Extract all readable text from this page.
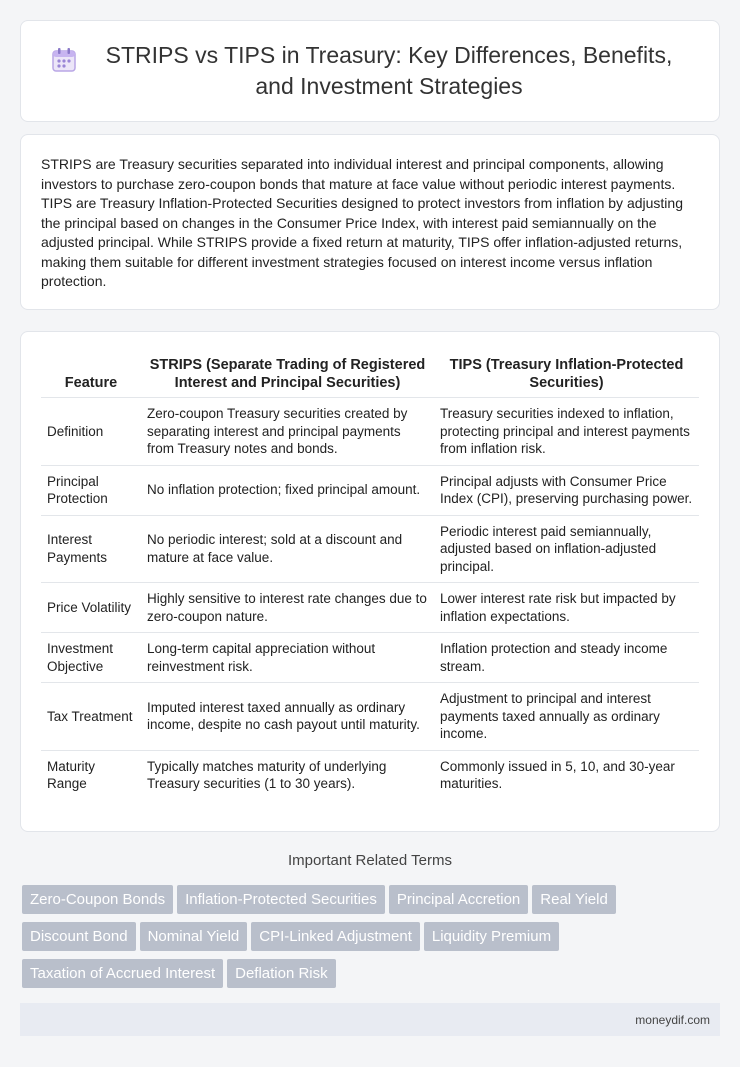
STRIPS vs TIPS in Treasury: Key Differences, Benefits, and Investment Strategies

STRIPS are Treasury securities separated into individual interest and principal components, allowing investors to purchase zero-coupon bonds that mature at face value without periodic interest payments. TIPS are Treasury Inflation-Protected Securities designed to protect investors from inflation by adjusting the principal based on changes in the Consumer Price Index, with interest paid semiannually on the adjusted principal. While STRIPS provide a fixed return at maturity, TIPS offer inflation-adjusted returns, making them suitable for different investment strategies focused on interest income versus inflation protection.

Feature	STRIPS (Separate Trading of Registered Interest and Principal Securities)	TIPS (Treasury Inflation-Protected Securities)
Definition	Zero-coupon Treasury securities created by separating interest and principal payments from Treasury notes and bonds.	Treasury securities indexed to inflation, protecting principal and interest payments from inflation risk.
Principal Protection	No inflation protection; fixed principal amount.	Principal adjusts with Consumer Price Index (CPI), preserving purchasing power.
Interest Payments	No periodic interest; sold at a discount and mature at face value.	Periodic interest paid semiannually, adjusted based on inflation-adjusted principal.
Price Volatility	Highly sensitive to interest rate changes due to zero-coupon nature.	Lower interest rate risk but impacted by inflation expectations.
Investment Objective	Long-term capital appreciation without reinvestment risk.	Inflation protection and steady income stream.
Tax Treatment	Imputed interest taxed annually as ordinary income, despite no cash payout until maturity.	Adjustment to principal and interest payments taxed annually as ordinary income.
Maturity Range	Typically matches maturity of underlying Treasury securities (1 to 30 years).	Commonly issued in 5, 10, and 30-year maturities.
Important Related Terms
Zero-Coupon Bonds Inflation-Protected Securities Principal Accretion Real Yield
Discount Bond Nominal Yield CPI-Linked Adjustment Liquidity Premium
Taxation of Accrued Interest Deflation Risk
moneydif.com
